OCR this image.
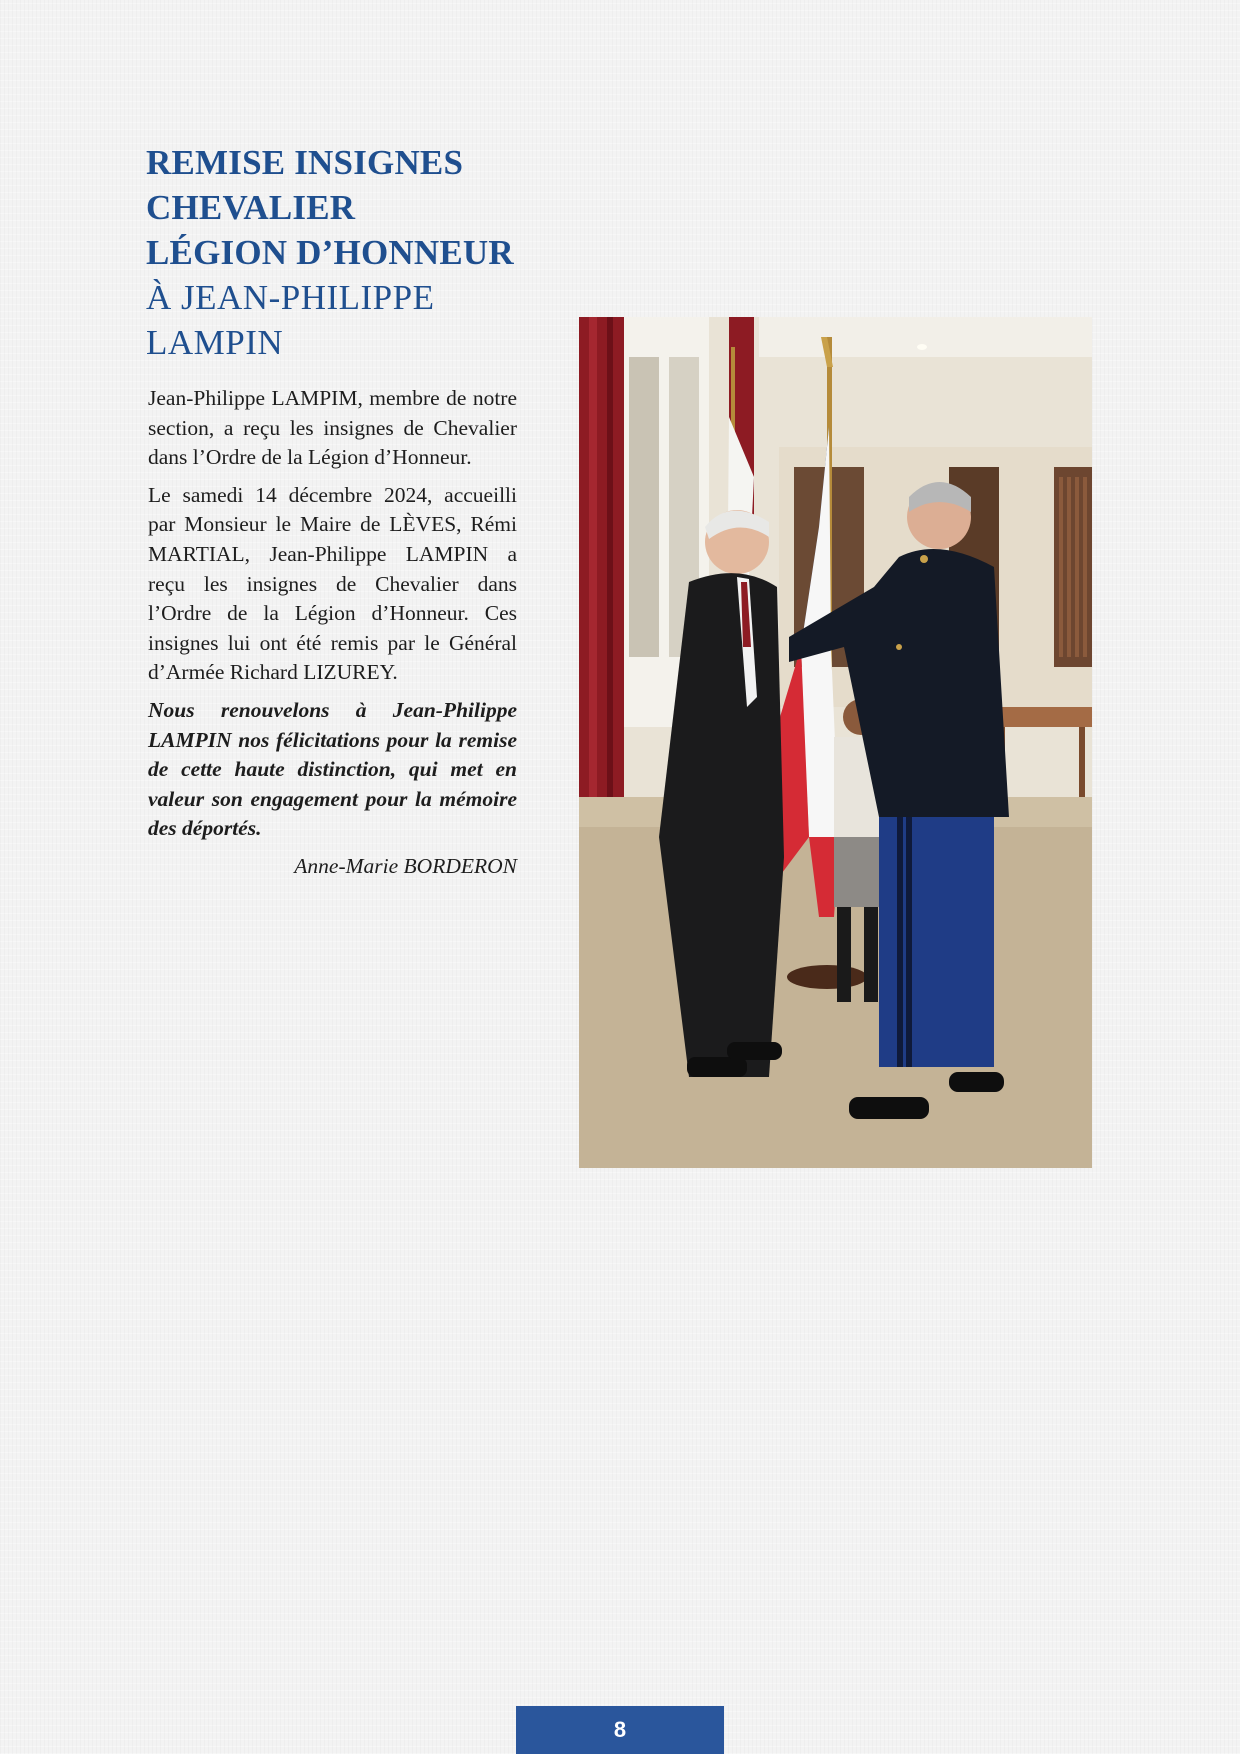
REMISE INSIGNES
CHEVALIER
LÉGION D’HONNEUR
À JEAN-PHILIPPE
LAMPIN

Jean-Philippe LAMPIM, membre de notre section, a reçu les insignes de Chevalier dans l’Ordre de la Légion d’Honneur.

Le samedi 14 décembre 2024, accueilli par Monsieur le Maire de LÈVES, Rémi MARTIAL, Jean-Philippe LAMPIN a reçu les insignes de Chevalier dans l’Ordre de la Légion d’Honneur. Ces insignes lui ont été remis par le Général d’Armée Richard LIZUREY.

Nous renouvelons à Jean-Philippe LAMPIN nos félicitations pour la remise de cette haute distinction, qui met en valeur son engagement pour la mémoire des déportés.

Anne-Marie BORDERON
8
